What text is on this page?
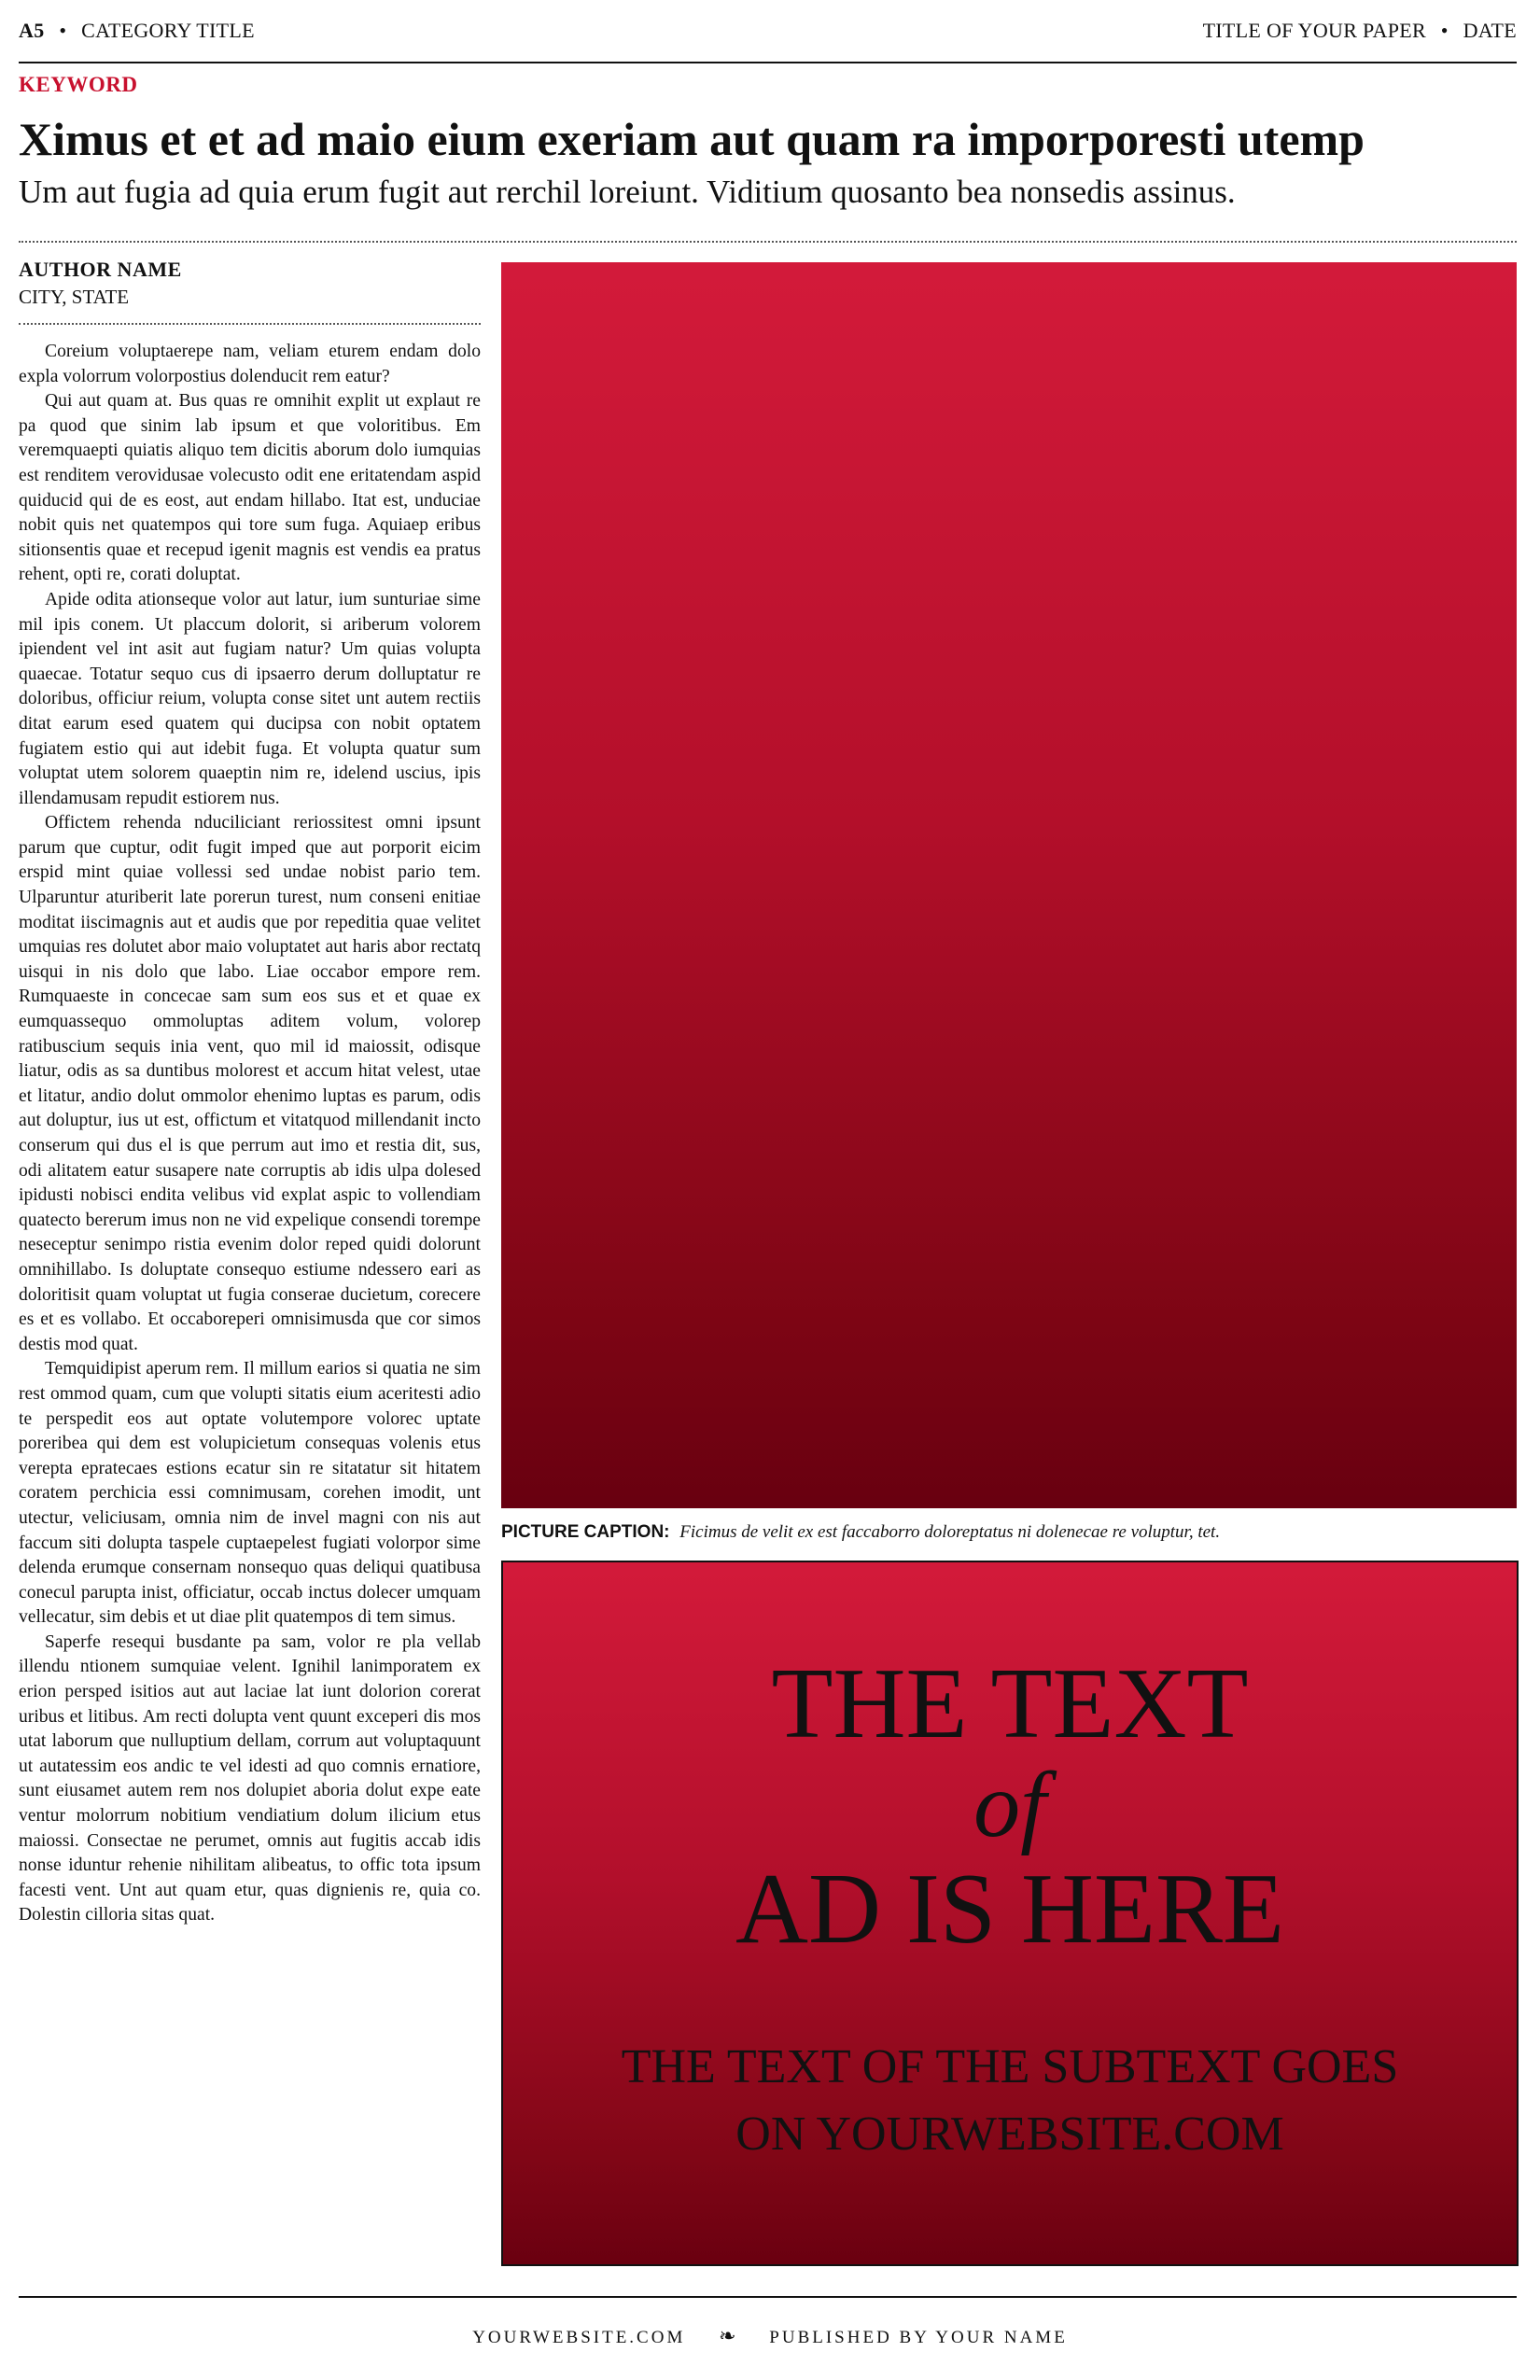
A5 • CATEGORY TITLE	TITLE OF YOUR PAPER • DATE
KEYWORD
Ximus et et ad maio eium exeriam aut quam ra imporporesti utemp
Um aut fugia ad quia erum fugit aut rerchil loreiunt. Viditium quosanto bea nonsedis assinus.
AUTHOR NAME
CITY, STATE

Coreium voluptaerepe nam, veliam eturem endam dolo expla volorrum volorpostius dolenducit rem eatur?

Qui aut quam at. Bus quas re omnihit explit ut explaut re pa quod que sinim lab ipsum et que voloritibus. Em veremquaepti quiatis aliquo tem dicitis aborum dolo iumquias est renditem verovidusae volecusto odit ene eritatendam aspid quiducid qui de es eost, aut endam hillabo. Itat est, unduciae nobit quis net quatempos qui tore sum fuga. Aquiaep eribus sitionsentis quae et recepud igenit magnis est vendis ea pratus rehent, opti re, corati doluptat.

Apide odita ationseque volor aut latur, ium sunturiae sime mil ipis conem. Ut placcum dolorit, si ariberum volorem ipiendent vel int asit aut fugiam natur? Um quias volupta quaecae. Totatur sequo cus di ipsaerro derum dolluptatur re doloribus, officiur reium, volupta conse sitet unt autem rectiis ditat earum esed quatem qui ducipsa con nobit optatem fugiatem estio qui aut idebit fuga. Et volupta quatur sum voluptat utem solorem quaeptin nim re, idelend uscius, ipis illendamusam repudit estiorem nus.

Offictem rehenda nduciliciant reriossitest omni ipsunt parum que cuptur, odit fugit imped que aut porporit eicim erspid mint quiae vollessi sed undae nobist pario tem. Ulparuntur aturiberit late porerun turest, num conseni enitiae moditat iiscimagnis aut et audis que por repeditia quae velitet umquias res dolutet abor maio voluptatet aut haris abor rectatq uisqui in nis dolo que labo. Liae occabor empore rem. Rumquaeste in concecae sam sum eos sus et et quae ex eumquassequo ommoluptas aditem volum, volorep ratibuscium sequis inia vent, quo mil id maiossit, odisque liatur, odis as sa duntibus molorest et accum hitat velest, utae et litatur, andio dolut ommolor ehenimo luptas es parum, odis aut doluptur, ius ut est, offictum et vitatquod millendanit incto conserum qui dus el is que perrum aut imo et restia dit, sus, odi alitatem eatur susapere nate corruptis ab idis ulpa dolesed ipidusti nobisci endita velibus vid explat aspic to vollendiam quatecto bererum imus non ne vid expelique consendi torempe neseceptur senimpo ristia evenim dolor reped quidi dolorunt omnihillabo. Is doluptate consequo estiume ndessero eari as doloritisit quam voluptat ut fugia conserae ducietum, corecere es et es vollabo. Et occaboreperi omnisimusda que cor simos destis mod quat.

Temquidipist aperum rem. Il millum earios si quatia ne sim rest ommod quam, cum que volupti sitatis eium aceritesti adio te perspedit eos aut optate volutempore volorec uptate poreribea qui dem est volupicietum consequas volenis etus verepta epratecaes estions ecatur sin re sitatatur sit hitatem coratem perchicia essi comnimusam, corehen imodit, unt utectur, veliciusam, omnia nim de invel magni con nis aut faccum siti dolupta taspele cuptaepelest fugiati volorpor sime delenda erumque consernam nonsequo quas deliqui quatibusa conecul parupta inist, officiatur, occab inctus dolecer umquam vellecatur, sim debis et ut diae plit quatempos di tem simus.

Saperfe resequi busdante pa sam, volor re pla vellab illendu ntionem sumquiae velent. Ignihil lanimporatem ex erion persped isitios aut aut laciae lat iunt dolorion corerat uribus et litibus. Am recti dolupta vent quunt exceperi dis mos utat laborum que nulluptium dellam, corrum aut voluptaquunt ut autatessim eos andic te vel idesti ad quo comnis ernatiore, sunt eiusamet autem rem nos dolupiet aboria dolut expe eate ventur molorrum nobitium vendiatium dolum ilicium etus maiossi. Consectae ne perumet, omnis aut fugitis accab idis nonse iduntur rehenie nihilitam alibeatus, to offic tota ipsum facesti vent. Unt aut quam etur, quas dignienis re, quia co. Dolestin cilloria sitas quat.

PICTURE CAPTION: Ficimus de velit ex est faccaborro doloreptatus ni dolenecae re voluptur, tet.
THE TEXT
of
AD IS HERE
THE TEXT OF THE SUBTEXT GOES
ON YOURWEBSITE.COM
YOURWEBSITE.COM ❧ PUBLISHED BY YOUR NAME
